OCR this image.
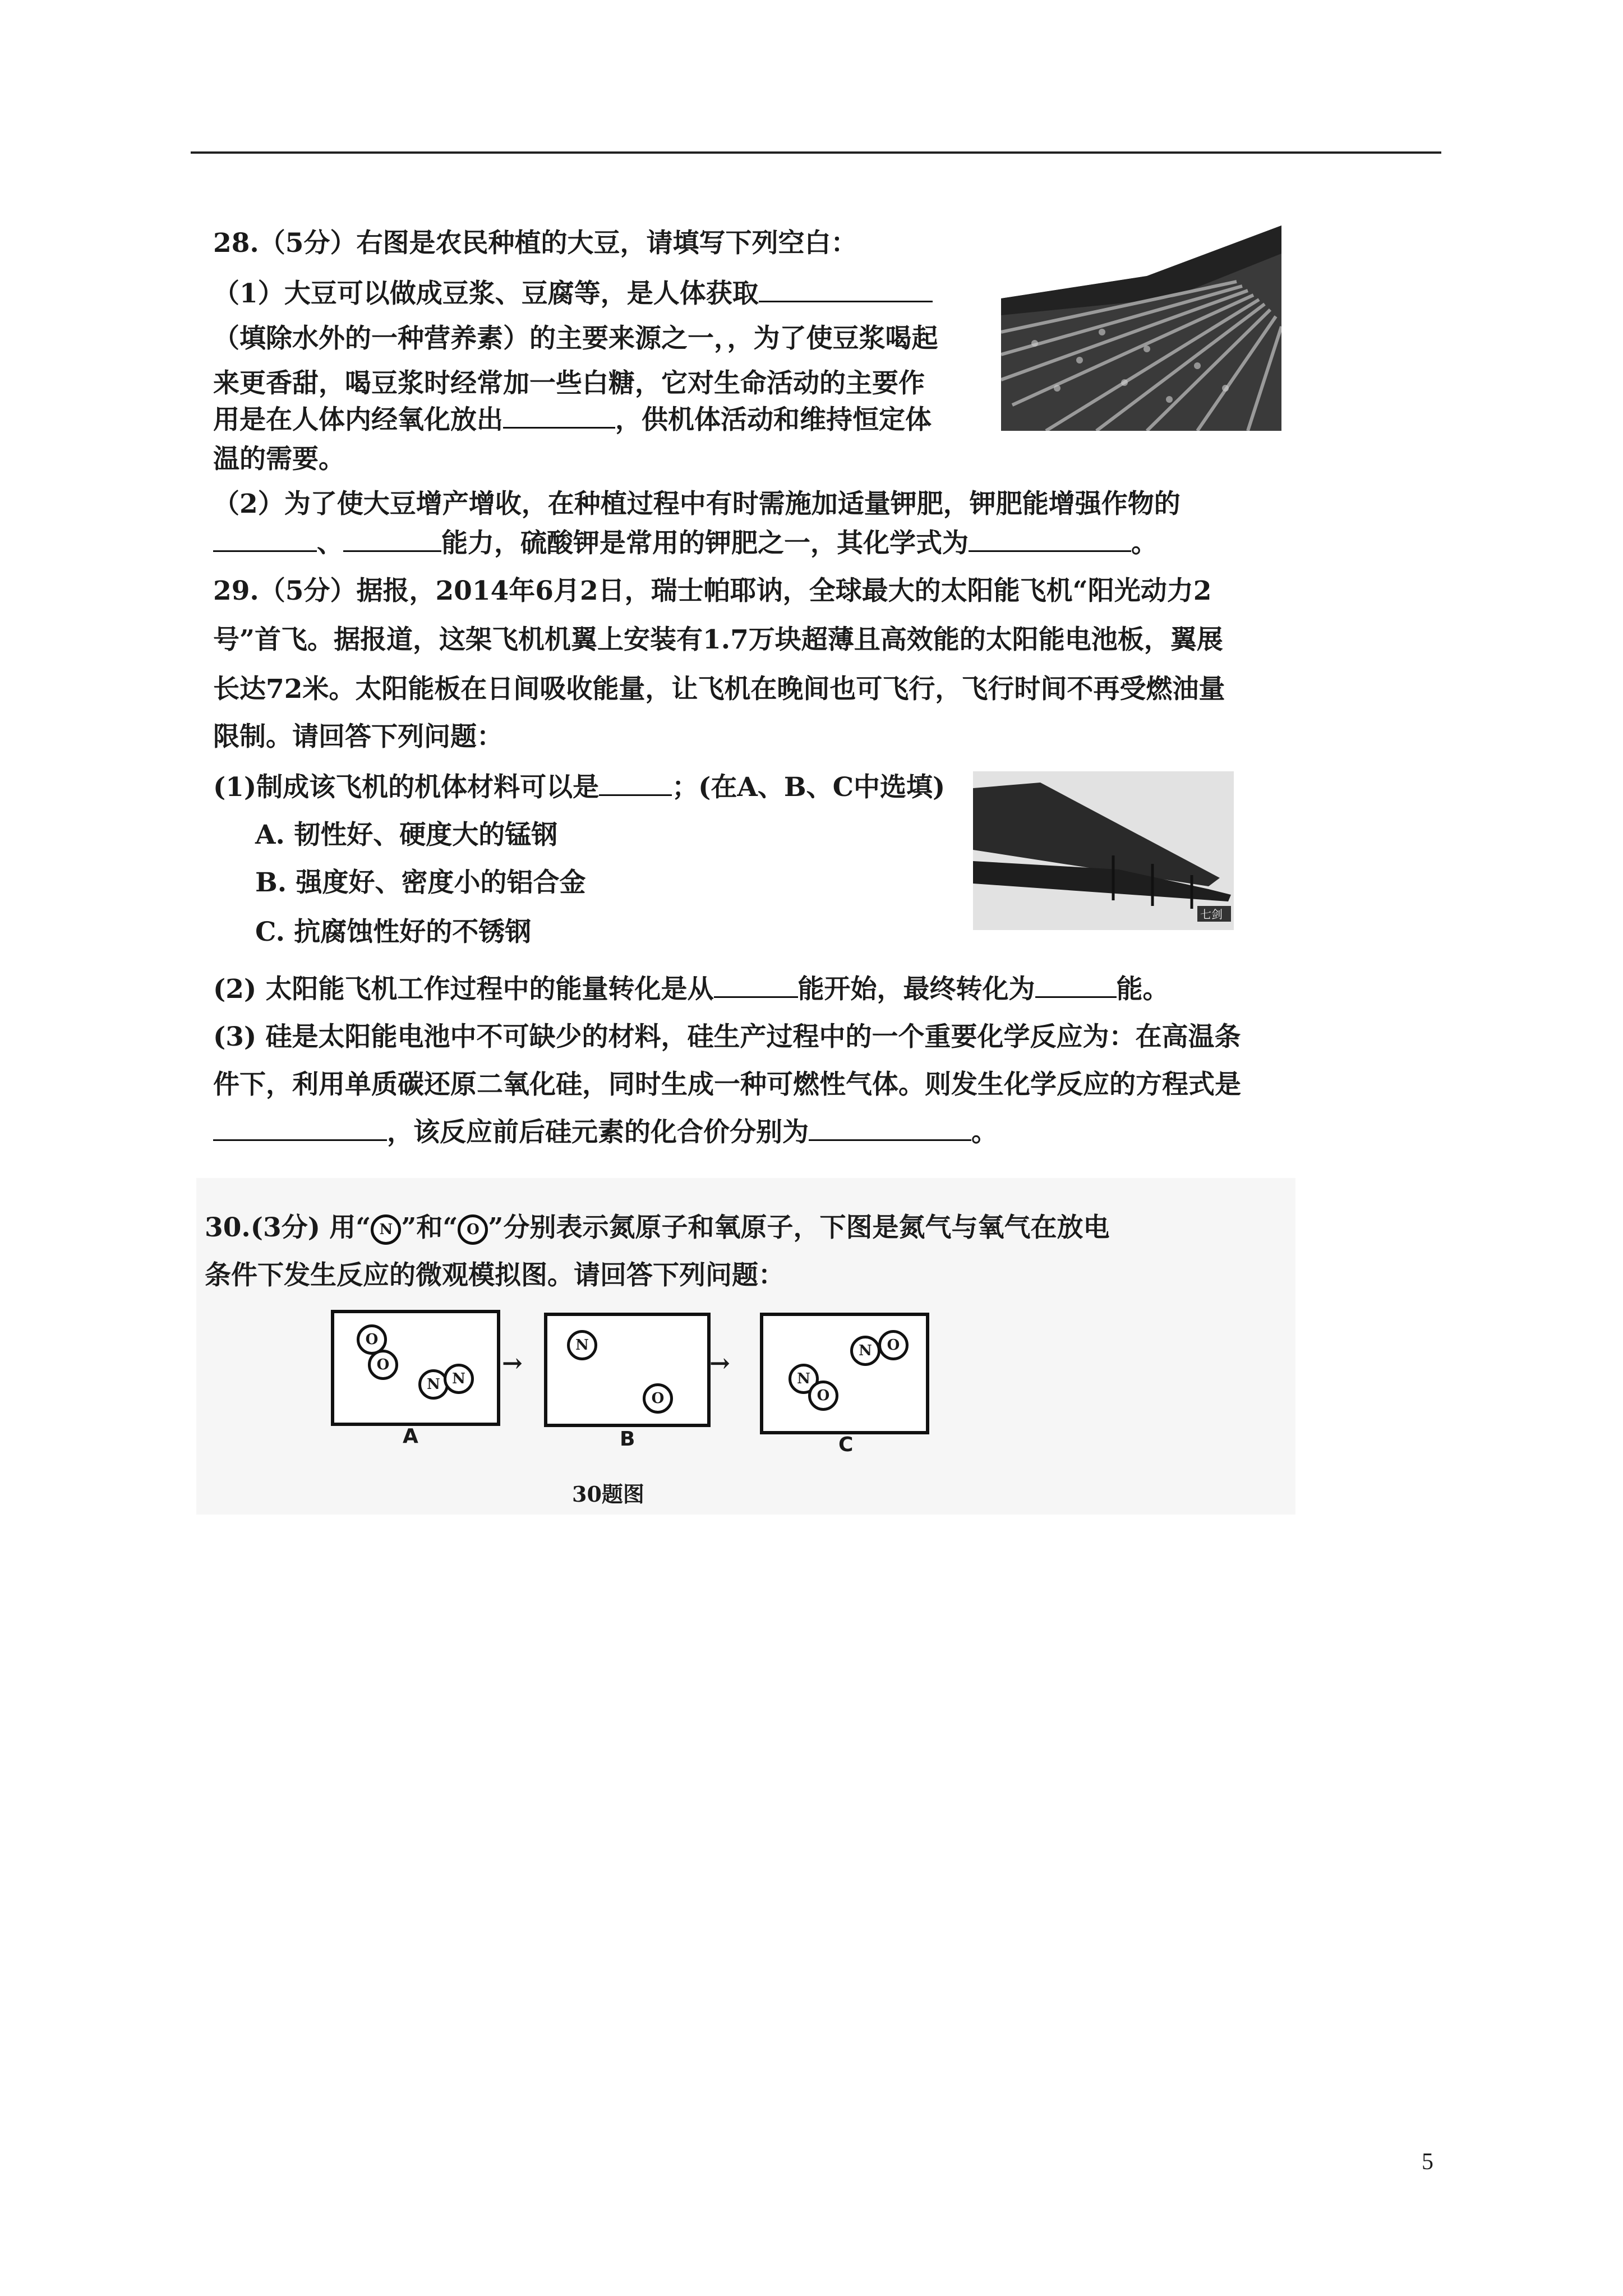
28.（5分）右图是农民种植的大豆，请填写下列空白：
（1）大豆可以做成豆浆、豆腐等，是人体获取
（填除水外的一种营养素）的主要来源之一，，为了使豆浆喝起
来更香甜，喝豆浆时经常加一些白糖，它对生命活动的主要作
用是在人体内经氧化放出	，供机体活动和维持恒定体
温的需要。
（2）为了使大豆增产增收，在种植过程中有时需施加适量钾肥，钾肥能增强作物的
、	能力，硫酸钾是常用的钾肥之一，其化学式为	。
29.（5分）据报，2014年6月2日，瑞士帕耶讷，全球最大的太阳能飞机“阳光动力2
号”首飞。据报道，这架飞机机翼上安装有1.7万块超薄且高效能的太阳能电池板，翼展
长达72米。太阳能板在日间吸收能量，让飞机在晚间也可飞行，飞行时间不再受燃油量
限制。请回答下列问题：
(1)制成该飞机的机体材料可以是	；(在A、B、C中选填)
A. 韧性好、硬度大的锰钢
B. 强度好、密度小的铝合金
C. 抗腐蚀性好的不锈钢
七剑
(2) 太阳能飞机工作过程中的能量转化是从	能开始，最终转化为	能。
(3) 硅是太阳能电池中不可缺少的材料，硅生产过程中的一个重要化学反应为：在高温条
件下，利用单质碳还原二氧化硅，同时生成一种可燃性气体。则发生化学反应的方程式是
，该反应前后硅元素的化合价分别为	。
30.(3分) 用“ N ”和“ O ”分别表示氮原子和氧原子，下图是氮气与氧气在放电
条件下发生反应的微观模拟图。请回答下列问题：
O
O
N N
A
→
N
O
B
→
N
O
N	O
C
30题图
5
